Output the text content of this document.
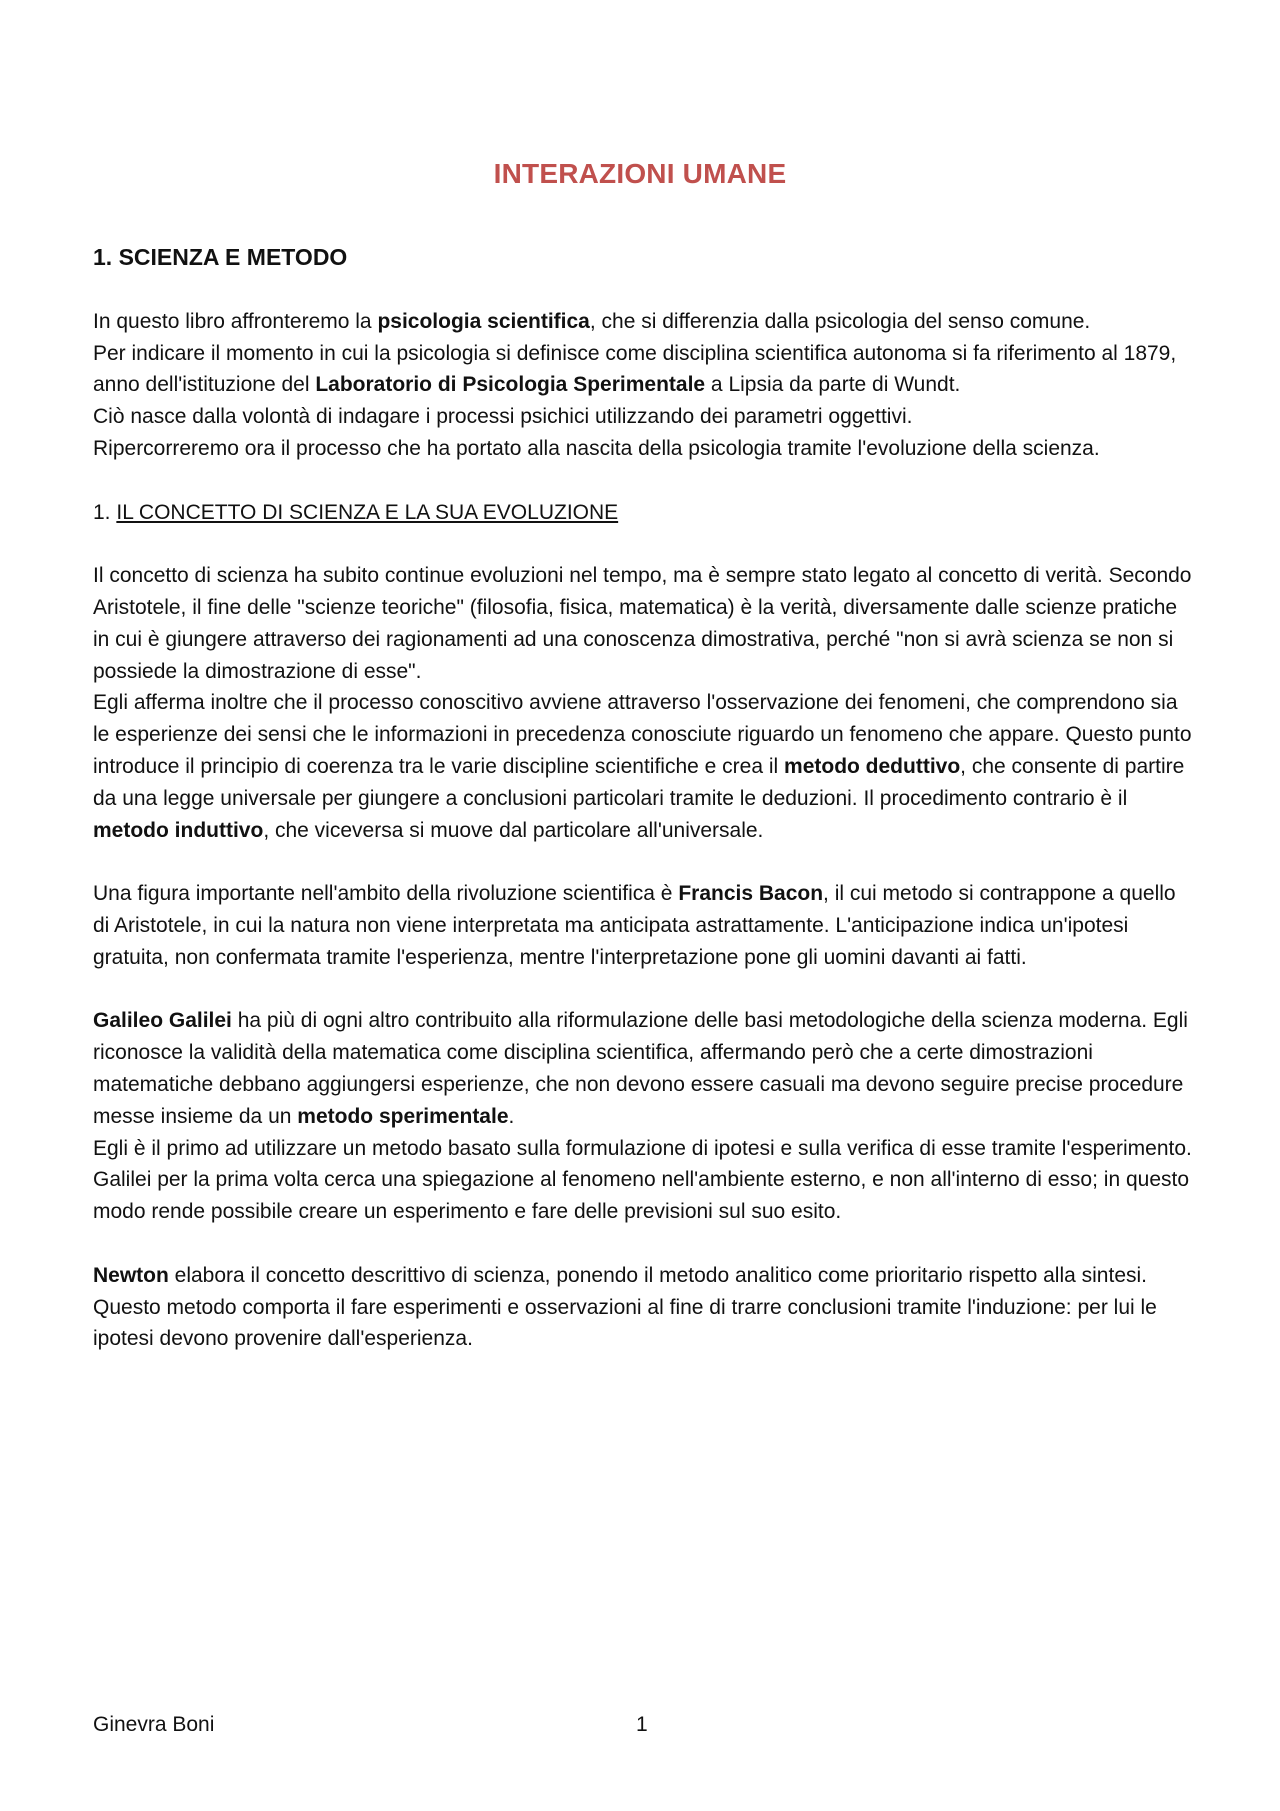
INTERAZIONI UMANE

1. SCIENZA E METODO

In questo libro affronteremo la psicologia scientifica, che si differenzia dalla psicologia del senso comune.

Per indicare il momento in cui la psicologia si definisce come disciplina scientifica autonoma si fa riferimento al 1879, anno dell'istituzione del Laboratorio di Psicologia Sperimentale a Lipsia da parte di Wundt.

Ciò nasce dalla volontà di indagare i processi psichici utilizzando dei parametri oggettivi.

Ripercorreremo ora il processo che ha portato alla nascita della psicologia tramite l'evoluzione della scienza.

1. IL CONCETTO DI SCIENZA E LA SUA EVOLUZIONE

Il concetto di scienza ha subito continue evoluzioni nel tempo, ma è sempre stato legato al concetto di verità. Secondo Aristotele, il fine delle "scienze teoriche" (filosofia, fisica, matematica) è la verità, diversamente dalle scienze pratiche in cui è giungere attraverso dei ragionamenti ad una conoscenza dimostrativa, perché "non si avrà scienza se non si possiede la dimostrazione di esse".

Egli afferma inoltre che il processo conoscitivo avviene attraverso l'osservazione dei fenomeni, che comprendono sia le esperienze dei sensi che le informazioni in precedenza conosciute riguardo un fenomeno che appare. Questo punto introduce il principio di coerenza tra le varie discipline scientifiche e crea il metodo deduttivo, che consente di partire da una legge universale per giungere a conclusioni particolari tramite le deduzioni. Il procedimento contrario è il metodo induttivo, che viceversa si muove dal particolare all'universale.

Una figura importante nell'ambito della rivoluzione scientifica è Francis Bacon, il cui metodo si contrappone a quello di Aristotele, in cui la natura non viene interpretata ma anticipata astrattamente. L'anticipazione indica un'ipotesi gratuita, non confermata tramite l'esperienza, mentre l'interpretazione pone gli uomini davanti ai fatti.

Galileo Galilei ha più di ogni altro contribuito alla riformulazione delle basi metodologiche della scienza moderna. Egli riconosce la validità della matematica come disciplina scientifica, affermando però che a certe dimostrazioni matematiche debbano aggiungersi esperienze, che non devono essere casuali ma devono seguire precise procedure messe insieme da un metodo sperimentale.

Egli è il primo ad utilizzare un metodo basato sulla formulazione di ipotesi e sulla verifica di esse tramite l'esperimento. Galilei per la prima volta cerca una spiegazione al fenomeno nell'ambiente esterno, e non all'interno di esso; in questo modo rende possibile creare un esperimento e fare delle previsioni sul suo esito.

Newton elabora il concetto descrittivo di scienza, ponendo il metodo analitico come prioritario rispetto alla sintesi. Questo metodo comporta il fare esperimenti e osservazioni al fine di trarre conclusioni tramite l'induzione: per lui le ipotesi devono provenire dall'esperienza.

Ginevra Boni	1
